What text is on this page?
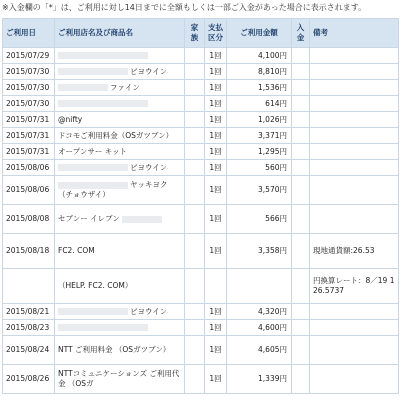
※入金欄の「*」は、ご利用に対し14日までに全額もしくは一部ご入金があった場合に表示されます。
ご利用日	ご利用店名及び商品名	家族	支払区分	ご利用金額	入金	備考
2015/07/29			1回	4,100円		
2015/07/30	ビヨウイン		1回	8,810円		
2015/07/30	ファイン		1回	1,536円		
2015/07/30			1回	614円		
2015/07/31	@nifty		1回	1,026円		
2015/07/31	ドコモご利用料金（OSガツブン）		1回	3,371円		
2015/07/31	オープンサー キット		1回	1,295円		
2015/08/06	ビヨウイン		1回	560円		
2015/08/06	ヤッキヨク（チョウザイ）		1回	3,570円		
2015/08/08	セブンー イレブン		1回	566円		
2015/08/18	FC2. COM		1回	3,358円		現地通貨額:26.53
	（HELP. FC2. COM）					円換算レート：8／19 126.5737
2015/08/21	ビヨウイン		1回	4,320円		
2015/08/23			1回	4,600円		
2015/08/24	NTT ご利用料金 （OSガツブン）		1回	4,605円		
2015/08/26	NTTコミュニケーションズ ご利用代金 （OSガ		1回	1,339円		
